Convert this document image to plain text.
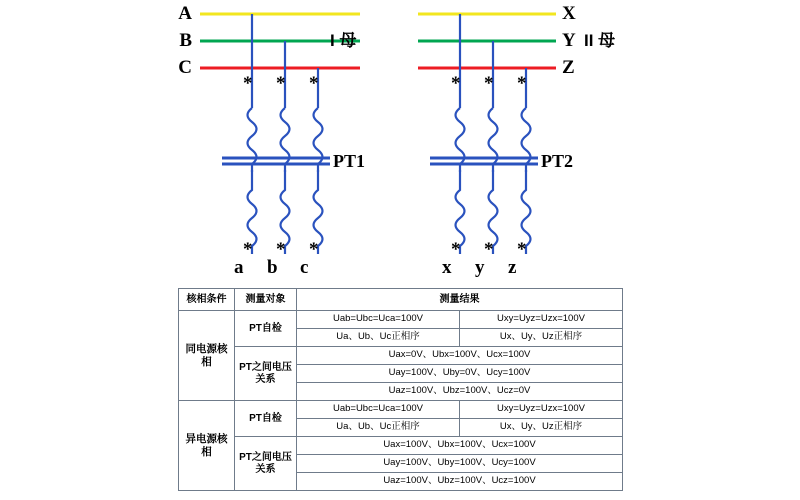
A
B
C
I 母
X
Y
Z
II 母
* * *	* * *
PT1	PT2
* * *	* * *
a b c	x y z
核相条件	测量对象	测量结果	
同电源核相	PT自检	Uab=Ubc=Uca=100V	Uxy=Uyz=Uzx=100V
		Ua、Ub、Uc正相序	Ux、Uy、Uz正相序
	PT之间电压关系	Uax=0V、Ubx=100V、Ucx=100V	
		Uay=100V、Uby=0V、Ucy=100V	
		Uaz=100V、Ubz=100V、Ucz=0V	
异电源核相	PT自检	Uab=Ubc=Uca=100V	Uxy=Uyz=Uzx=100V
		Ua、Ub、Uc正相序	Ux、Uy、Uz正相序
	PT之间电压关系	Uax=100V、Ubx=100V、Ucx=100V	
		Uay=100V、Uby=100V、Ucy=100V	
		Uaz=100V、Ubz=100V、Ucz=100V	
